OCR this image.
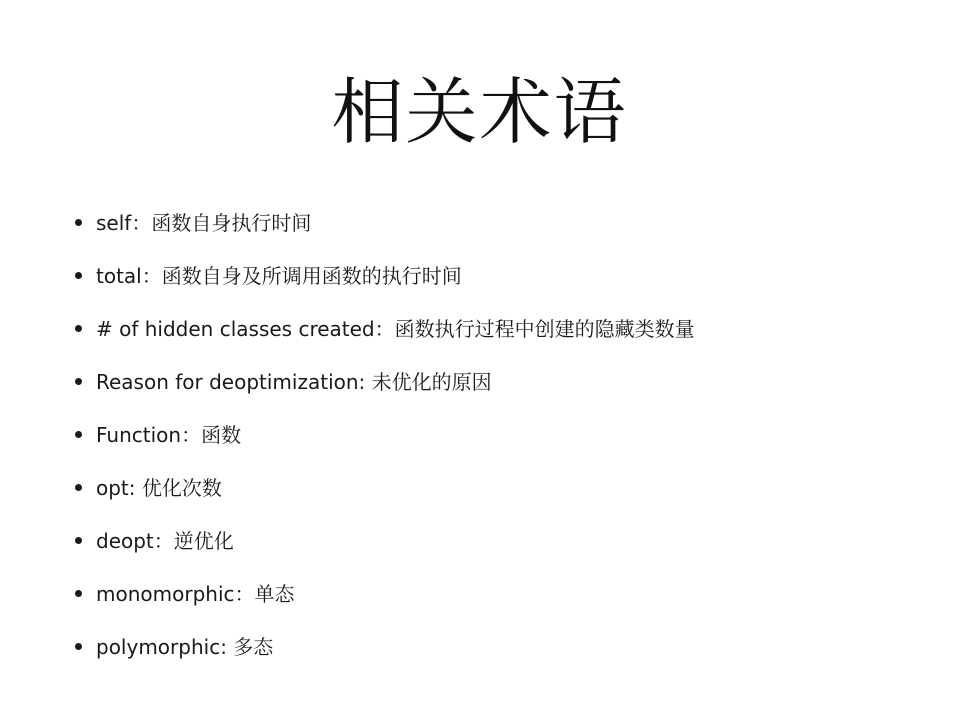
相关术语
self：函数自身执行时间
total：函数自身及所调用函数的执行时间
# of hidden classes created：函数执行过程中创建的隐藏类数量
Reason for deoptimization: 未优化的原因
Function：函数
opt: 优化次数
deopt：逆优化
monomorphic：单态
polymorphic: 多态
